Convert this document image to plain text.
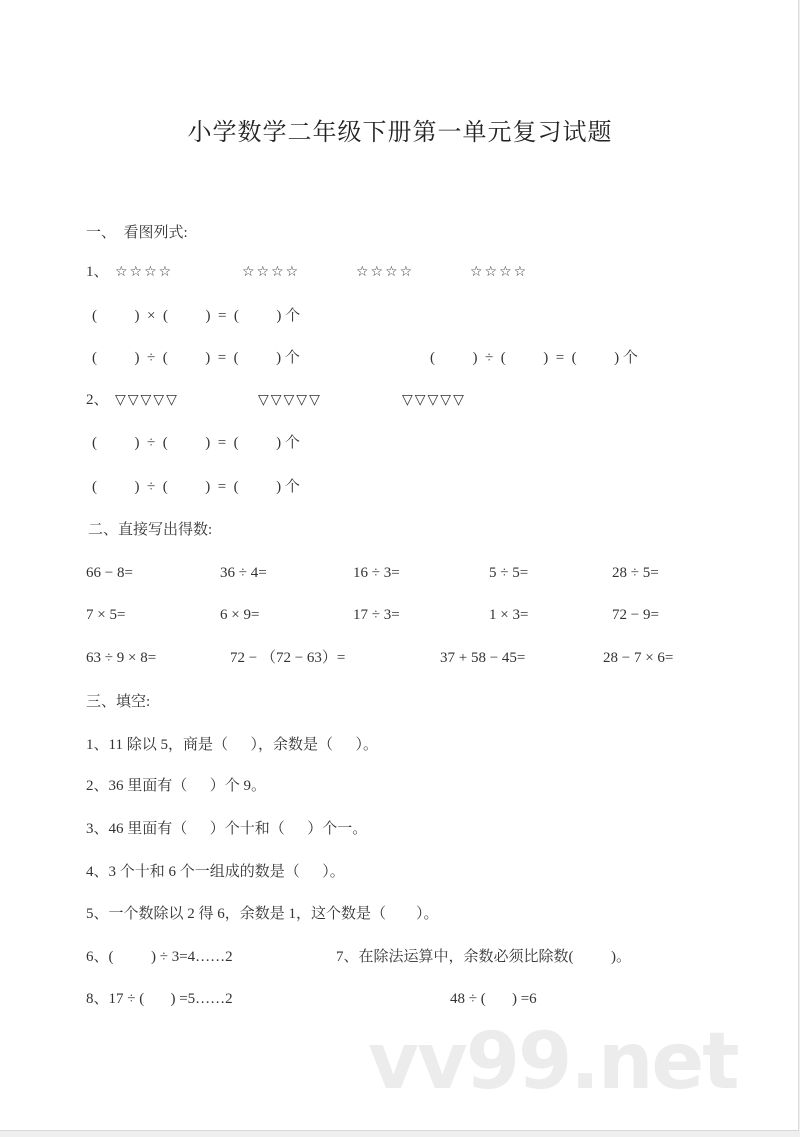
小学数学二年级下册第一单元复习试题
一、  看图列式:
1、 ☆☆☆☆	☆☆☆☆	☆☆☆☆	☆☆☆☆
(          )  ×  (          )  =  (          ) 个
(          )  ÷  (          )  =  (          ) 个	(          )  ÷  (          )  =  (          ) 个
2、 ▽▽▽▽▽	▽▽▽▽▽	▽▽▽▽▽
(          )  ÷  (          )  =  (          ) 个
(          )  ÷  (          )  =  (          ) 个
二、直接写出得数:
66 − 8=	36 ÷ 4=	16 ÷ 3=	5 ÷ 5=	28 ÷ 5=
7 × 5=	6 × 9=	17 ÷ 3=	1 × 3=	72 − 9=
63 ÷ 9 × 8=	72 − （72 − 63）=	37 + 58 − 45=	28 − 7 × 6=
三、填空:
1、11 除以 5，商是（      ），余数是（      ）。
2、36 里面有（      ）个 9。
3、46 里面有（      ）个十和（      ）个一。
4、3 个十和 6 个一组成的数是（      ）。
5、一个数除以 2 得 6，余数是 1，这个数是（        ）。
6、(          ) ÷ 3=4……2	7、在除法运算中，余数必须比除数(          )。
8、17 ÷ (       ) =5……2	48 ÷ (       ) =6
vv99.net
